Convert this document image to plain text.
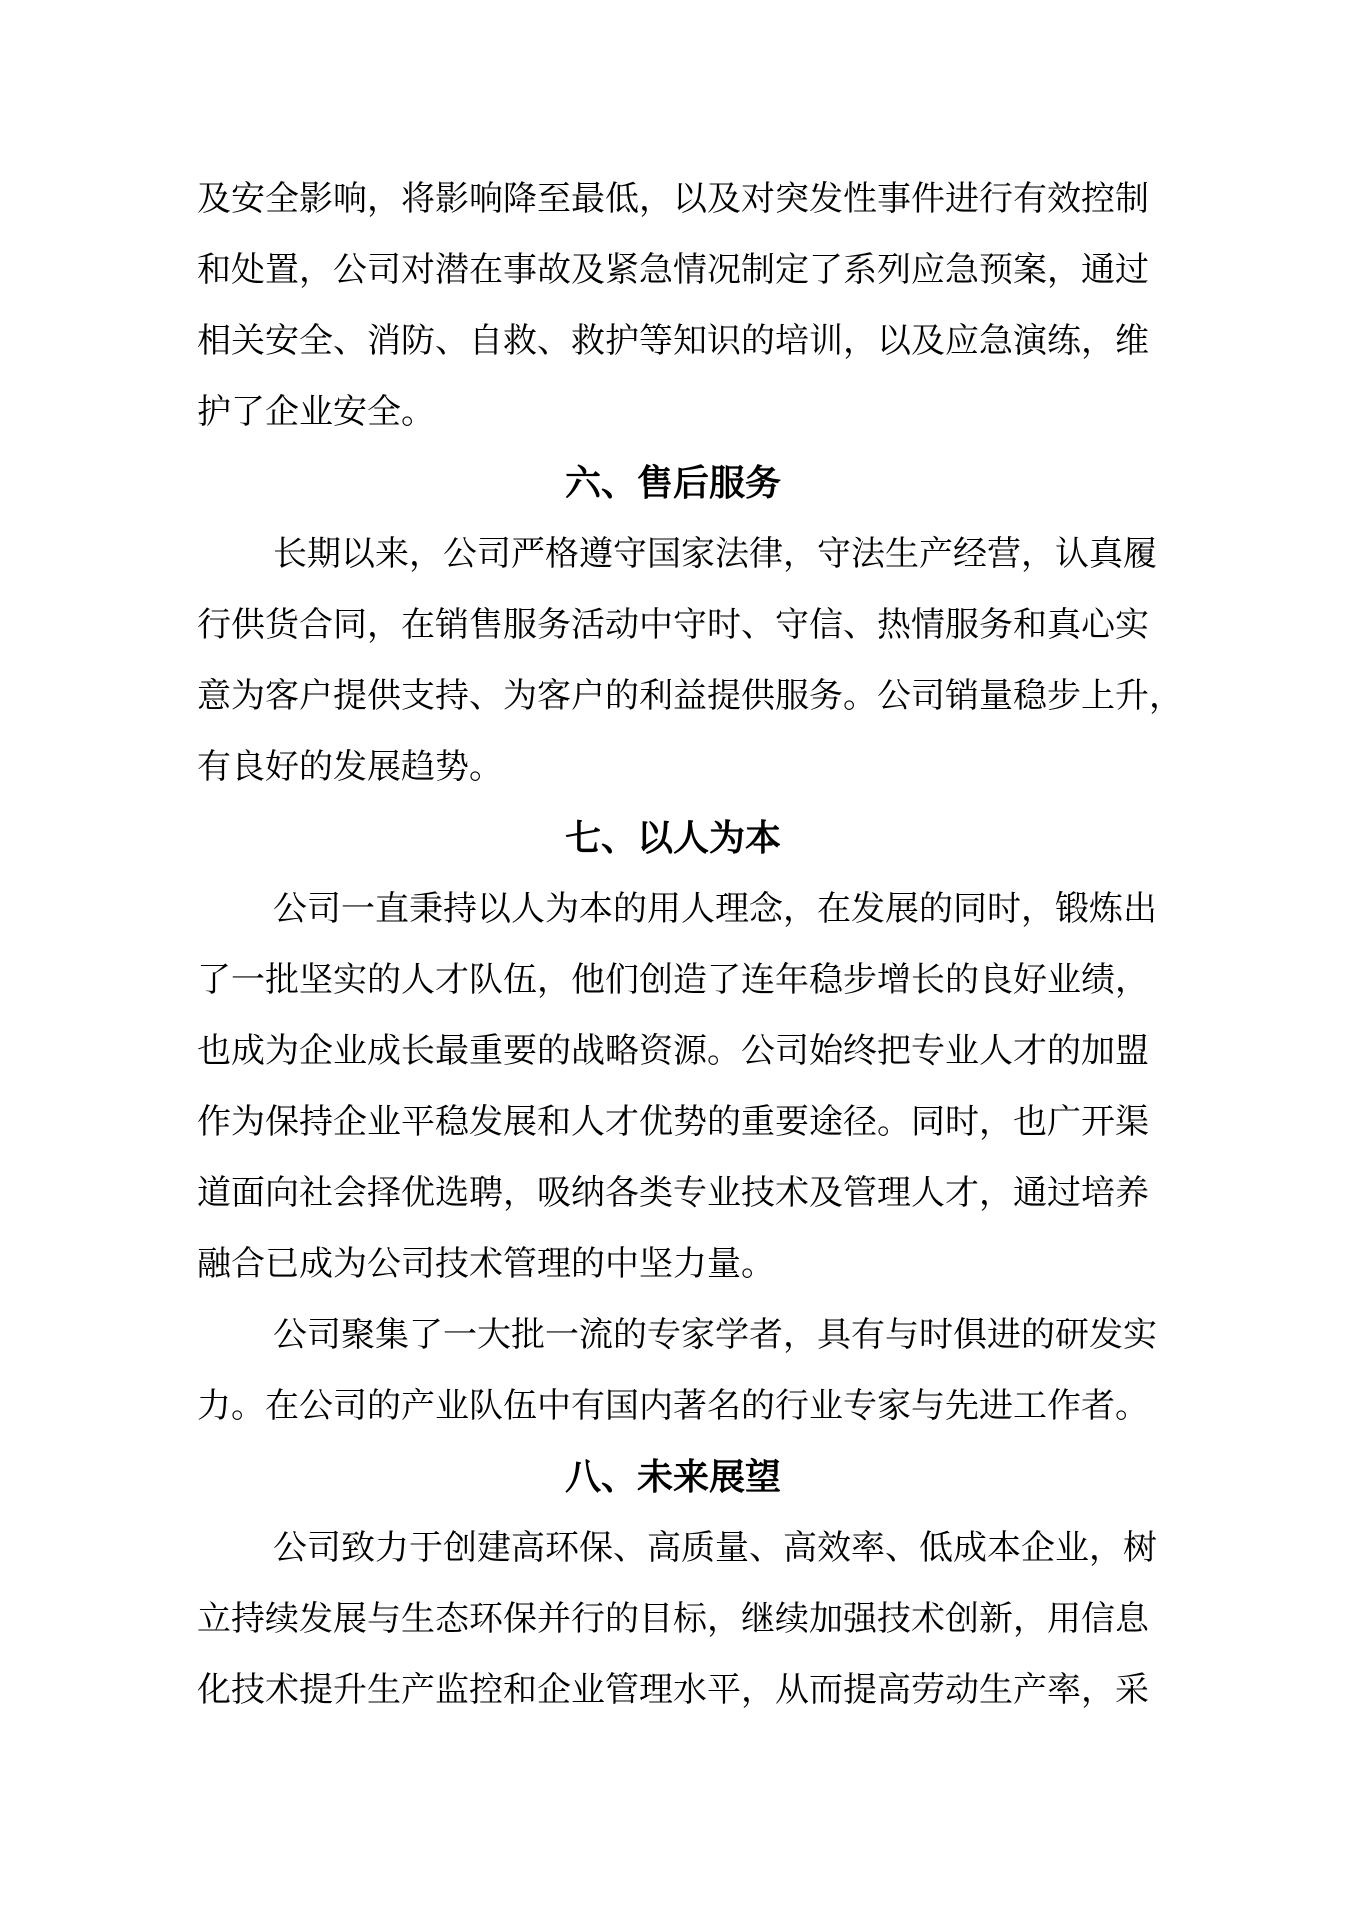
及安全影响，将影响降至最低，以及对突发性事件进行有效控制
和处置，公司对潜在事故及紧急情况制定了系列应急预案，通过
相关安全、消防、自救、救护等知识的培训，以及应急演练，维
护了企业安全。
六、售后服务
长期以来，公司严格遵守国家法律，守法生产经营，认真履
行供货合同，在销售服务活动中守时、守信、热情服务和真心实
意为客户提供支持、为客户的利益提供服务。公司销量稳步上升，
有良好的发展趋势。
七、以人为本
公司一直秉持以人为本的用人理念，在发展的同时，锻炼出
了一批坚实的人才队伍，他们创造了连年稳步增长的良好业绩，
也成为企业成长最重要的战略资源。公司始终把专业人才的加盟
作为保持企业平稳发展和人才优势的重要途径。同时，也广开渠
道面向社会择优选聘，吸纳各类专业技术及管理人才，通过培养
融合已成为公司技术管理的中坚力量。
公司聚集了一大批一流的专家学者，具有与时俱进的研发实
力。在公司的产业队伍中有国内著名的行业专家与先进工作者。
八、未来展望
公司致力于创建高环保、高质量、高效率、低成本企业，树
立持续发展与生态环保并行的目标，继续加强技术创新，用信息
化技术提升生产监控和企业管理水平，从而提高劳动生产率，采
